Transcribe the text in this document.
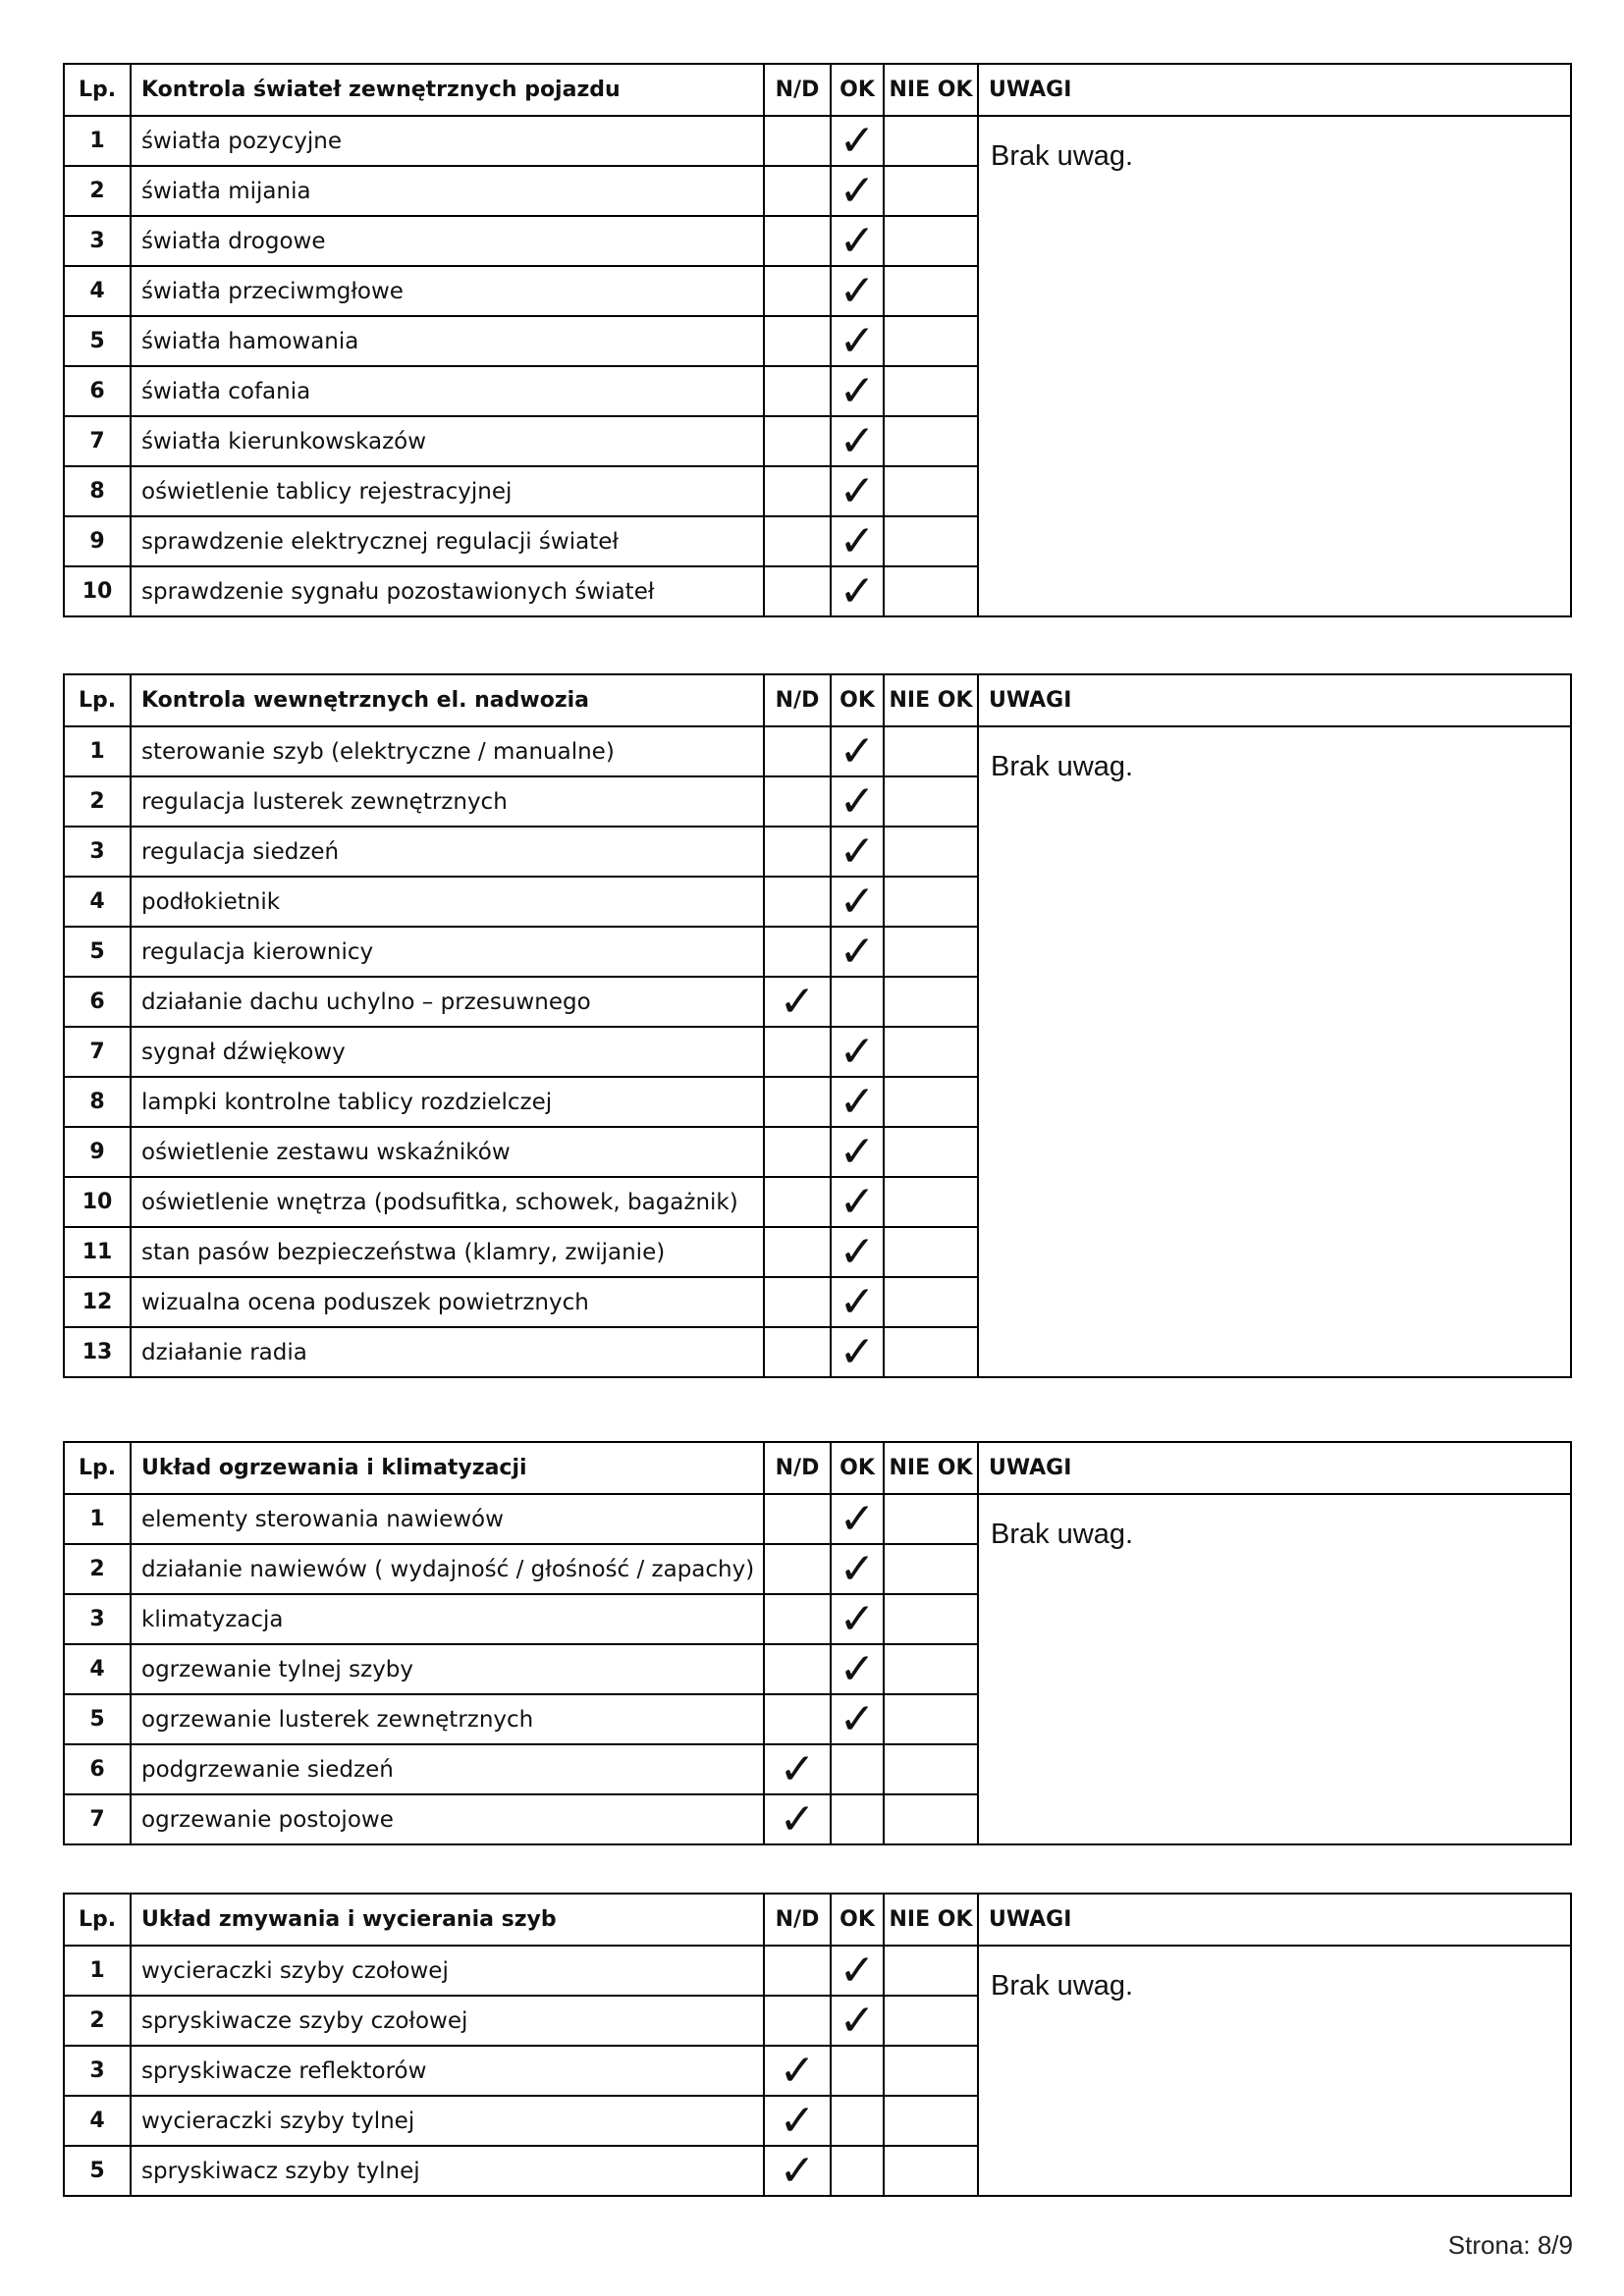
Lp.	Kontrola świateł zewnętrznych pojazdu	N/D	OK	NIE OK	UWAGI
1	światła pozycyjne		✓		Brak uwag.
2	światła mijania		✓		
3	światła drogowe		✓		
4	światła przeciwmgłowe		✓		
5	światła hamowania		✓		
6	światła cofania		✓		
7	światła kierunkowskazów		✓		
8	oświetlenie tablicy rejestracyjnej		✓		
9	sprawdzenie elektrycznej regulacji świateł		✓		
10	sprawdzenie sygnału pozostawionych świateł		✓		
Lp.	Kontrola wewnętrznych el. nadwozia	N/D	OK	NIE OK	UWAGI
1	sterowanie szyb (elektryczne / manualne)		✓		Brak uwag.
2	regulacja lusterek zewnętrznych		✓		
3	regulacja siedzeń		✓		
4	podłokietnik		✓		
5	regulacja kierownicy		✓		
6	działanie dachu uchylno – przesuwnego	✓			
7	sygnał dźwiękowy		✓		
8	lampki kontrolne tablicy rozdzielczej		✓		
9	oświetlenie zestawu wskaźników		✓		
10	oświetlenie wnętrza (podsufitka, schowek, bagażnik)		✓		
11	stan pasów bezpieczeństwa (klamry, zwijanie)		✓		
12	wizualna ocena poduszek powietrznych		✓		
13	działanie radia		✓		
Lp.	Układ ogrzewania i klimatyzacji	N/D	OK	NIE OK	UWAGI
1	elementy sterowania nawiewów		✓		Brak uwag.
2	działanie nawiewów ( wydajność / głośność / zapachy)		✓		
3	klimatyzacja		✓		
4	ogrzewanie tylnej szyby		✓		
5	ogrzewanie lusterek zewnętrznych		✓		
6	podgrzewanie siedzeń	✓			
7	ogrzewanie postojowe	✓			
Lp.	Układ zmywania i wycierania szyb	N/D	OK	NIE OK	UWAGI
1	wycieraczki szyby czołowej		✓		Brak uwag.
2	spryskiwacze szyby czołowej		✓		
3	spryskiwacze reflektorów	✓			
4	wycieraczki szyby tylnej	✓			
5	spryskiwacz szyby tylnej	✓			
Strona: 8/9
